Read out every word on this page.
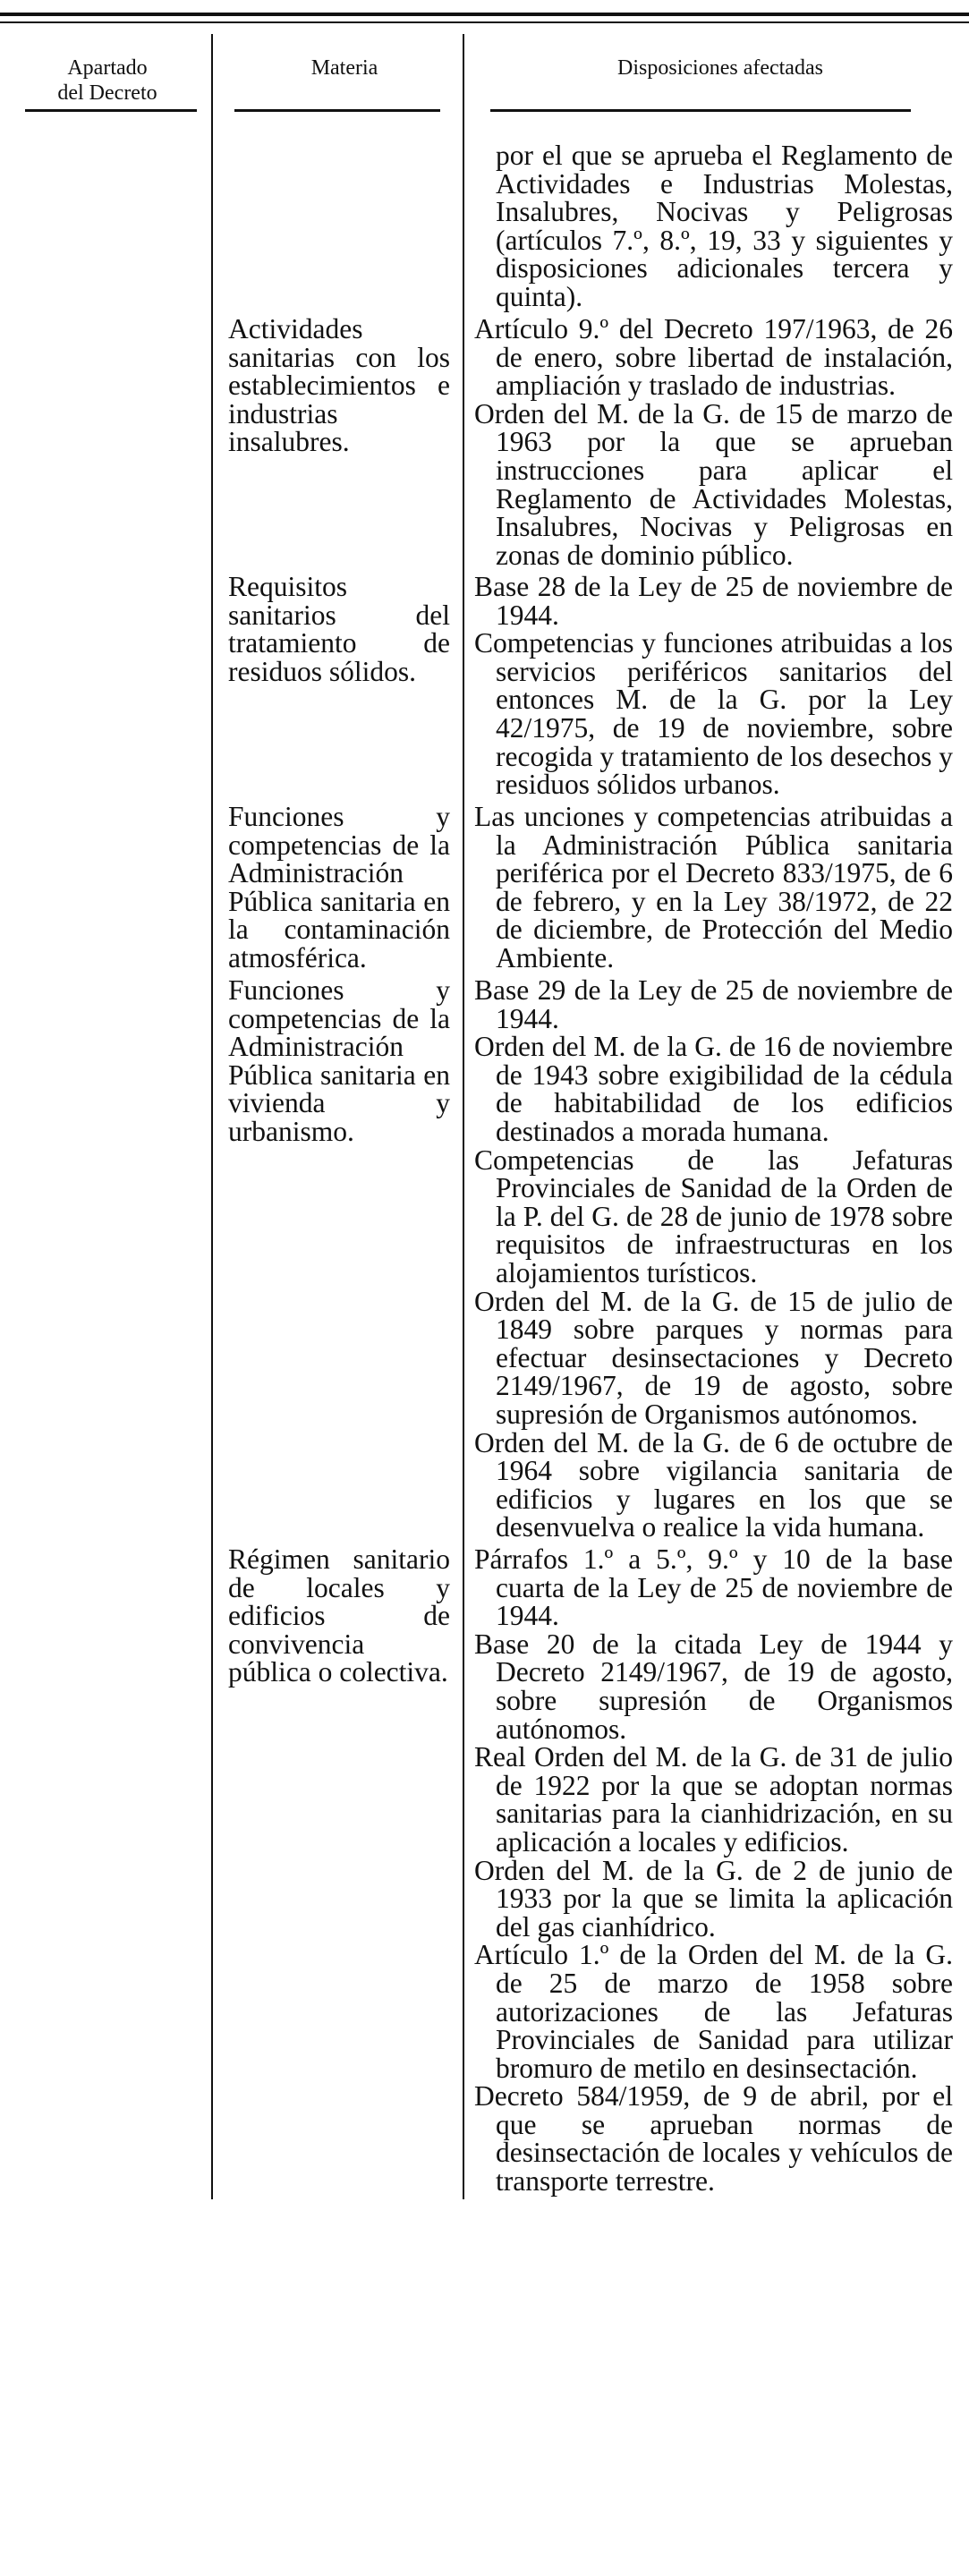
Apartado
del Decreto
Materia	Disposiciones afectadas

por el que se aprueba el Reglamento de Actividades e Industrias Molestas, Insalubres, Nocivas y Peligrosas (artículos 7.º, 8.º, 19, 33 y siguientes y disposiciones adicionales tercera y quinta).

Actividades sanitarias con los establecimientos e industrias insalubres.

Artículo 9.º del Decreto 197/1963, de 26 de enero, sobre libertad de instalación, ampliación y traslado de industrias.

Orden del M. de la G. de 15 de marzo de 1963 por la que se aprueban instrucciones para aplicar el Reglamento de Actividades Molestas, Insalubres, Nocivas y Peligrosas en zonas de dominio público.

Requisitos sanitarios del tratamiento de residuos sólidos.

Base 28 de la Ley de 25 de noviembre de 1944.

Competencias y funciones atribuidas a los servicios periféricos sanitarios del entonces M. de la G. por la Ley 42/1975, de 19 de noviembre, sobre recogida y tratamiento de los desechos y residuos sólidos urbanos.

Funciones y competencias de la Administración Pública sanitaria en la contaminación atmosférica.

Las unciones y competencias atribuidas a la Administración Pública sanitaria periférica por el Decreto 833/1975, de 6 de febrero, y en la Ley 38/1972, de 22 de diciembre, de Protección del Medio Ambiente.

Funciones y competencias de la Administración Pública sanitaria en vivienda y urbanismo.

Base 29 de la Ley de 25 de noviembre de 1944.

Orden del M. de la G. de 16 de noviembre de 1943 sobre exigibilidad de la cédula de habitabilidad de los edificios destinados a morada humana.

Competencias de las Jefaturas Provinciales de Sanidad de la Orden de la P. del G. de 28 de junio de 1978 sobre requisitos de infraestructuras en los alojamientos turísticos.

Orden del M. de la G. de 15 de julio de 1849 sobre parques y normas para efectuar desinsectaciones y Decreto 2149/1967, de 19 de agosto, sobre supresión de Organismos autónomos.

Orden del M. de la G. de 6 de octubre de 1964 sobre vigilancia sanitaria de edificios y lugares en los que se desenvuelva o realice la vida humana.

Régimen sanitario de locales y edificios de convivencia pública o colectiva.

Párrafos 1.º a 5.º, 9.º y 10 de la base cuarta de la Ley de 25 de noviembre de 1944.

Base 20 de la citada Ley de 1944 y Decreto 2149/1967, de 19 de agosto, sobre supresión de Organismos autónomos.

Real Orden del M. de la G. de 31 de julio de 1922 por la que se adoptan normas sanitarias para la cianhidrización, en su aplicación a locales y edificios.

Orden del M. de la G. de 2 de junio de 1933 por la que se limita la aplicación del gas cianhídrico.

Artículo 1.º de la Orden del M. de la G. de 25 de marzo de 1958 sobre autorizaciones de las Jefaturas Provinciales de Sanidad para utilizar bromuro de metilo en desinsectación.

Decreto 584/1959, de 9 de abril, por el que se aprueban normas de desinsectación de locales y vehículos de transporte terrestre.
